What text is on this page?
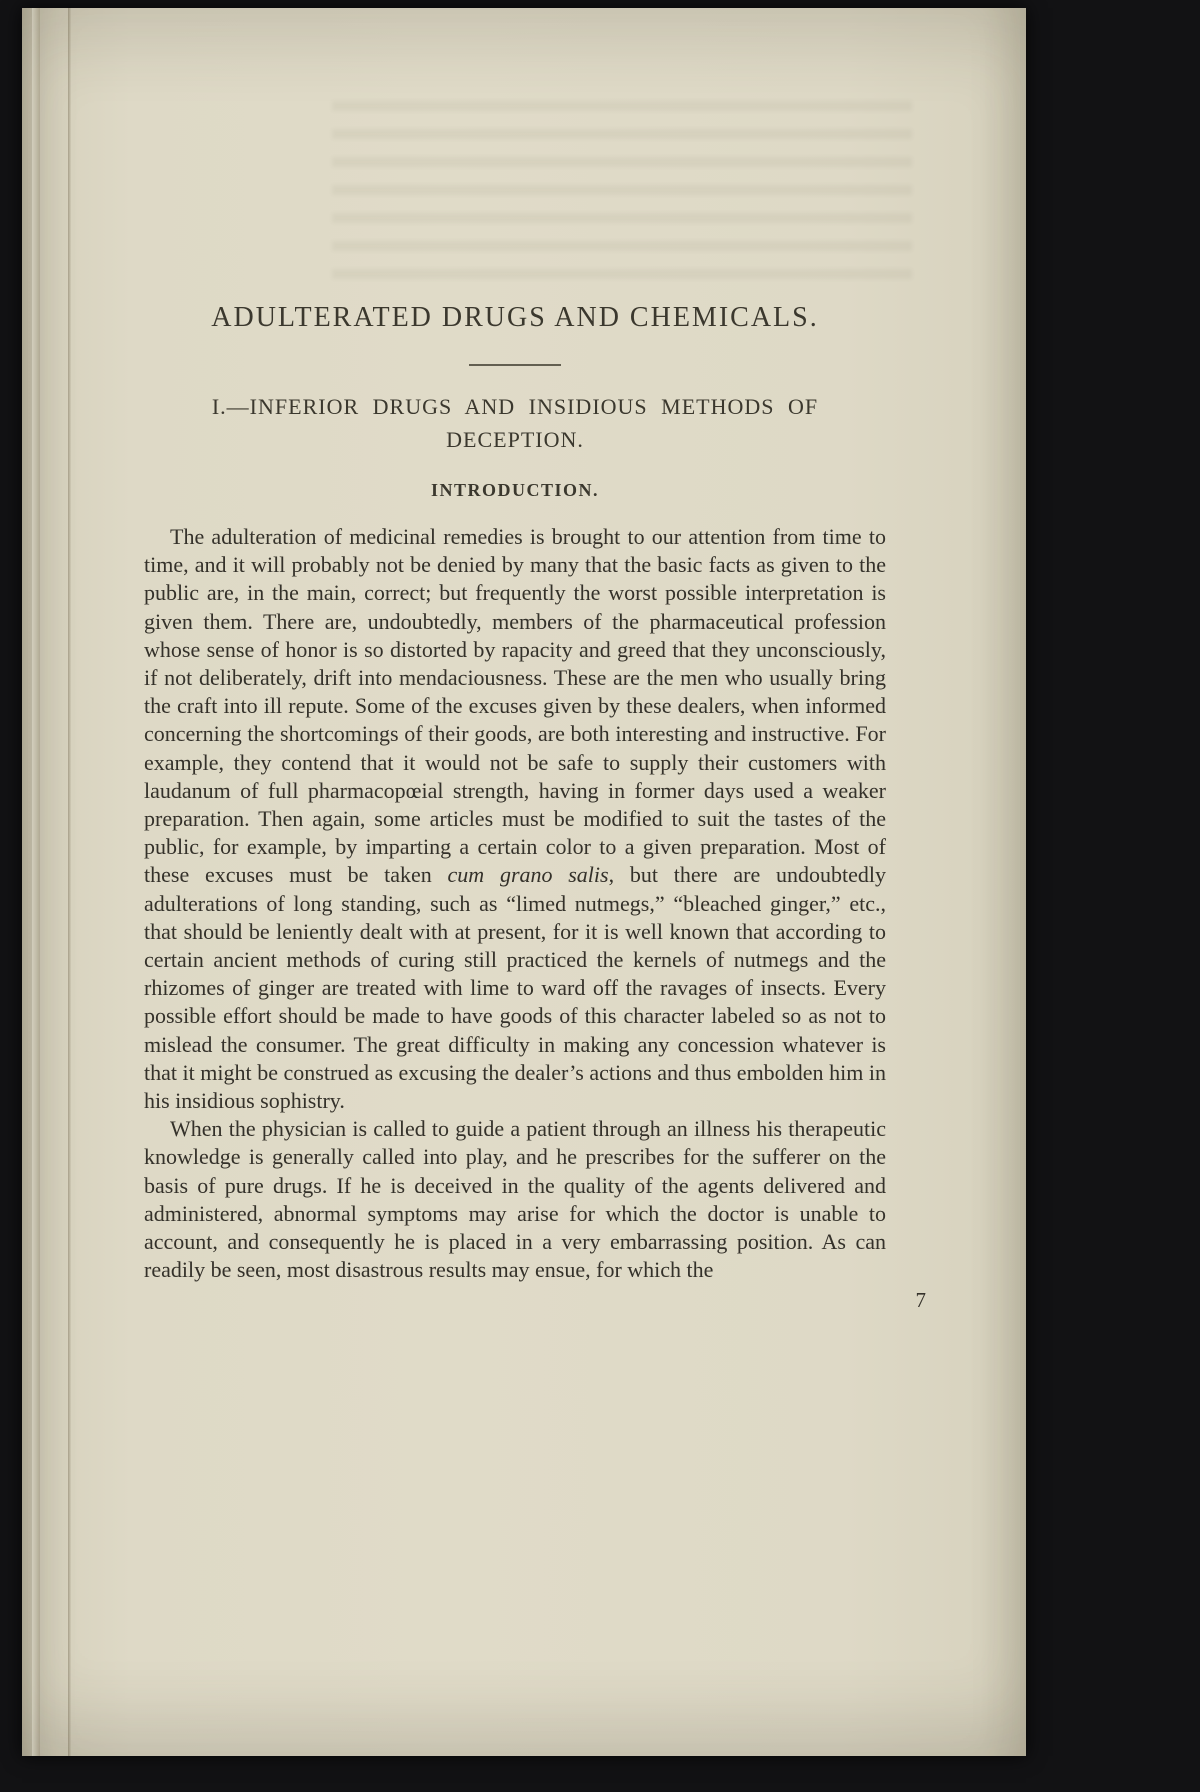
ADULTERATED DRUGS AND CHEMICALS.
I.—INFERIOR DRUGS AND INSIDIOUS METHODS OF DECEPTION.
INTRODUCTION.

The adulteration of medicinal remedies is brought to our attention from time to time, and it will probably not be denied by many that the basic facts as given to the public are, in the main, correct; but frequently the worst possible interpretation is given them. There are, undoubtedly, members of the pharmaceutical profession whose sense of honor is so distorted by rapacity and greed that they unconsciously, if not deliberately, drift into mendaciousness. These are the men who usually bring the craft into ill repute. Some of the excuses given by these dealers, when informed concerning the shortcomings of their goods, are both interesting and instructive. For example, they contend that it would not be safe to supply their customers with laudanum of full pharmacopœial strength, having in former days used a weaker preparation. Then again, some articles must be modified to suit the tastes of the public, for example, by imparting a certain color to a given preparation. Most of these excuses must be taken cum grano salis, but there are undoubtedly adulterations of long standing, such as “limed nutmegs,” “bleached ginger,” etc., that should be leniently dealt with at present, for it is well known that according to certain ancient methods of curing still practiced the kernels of nutmegs and the rhizomes of ginger are treated with lime to ward off the ravages of insects. Every possible effort should be made to have goods of this character labeled so as not to mislead the consumer. The great difficulty in making any concession whatever is that it might be construed as excusing the dealer’s actions and thus embolden him in his insidious sophistry.

When the physician is called to guide a patient through an illness his therapeutic knowledge is generally called into play, and he prescribes for the sufferer on the basis of pure drugs. If he is deceived in the quality of the agents delivered and administered, abnormal symptoms may arise for which the doctor is unable to account, and consequently he is placed in a very embarrassing position. As can readily be seen, most disastrous results may ensue, for which the

7
